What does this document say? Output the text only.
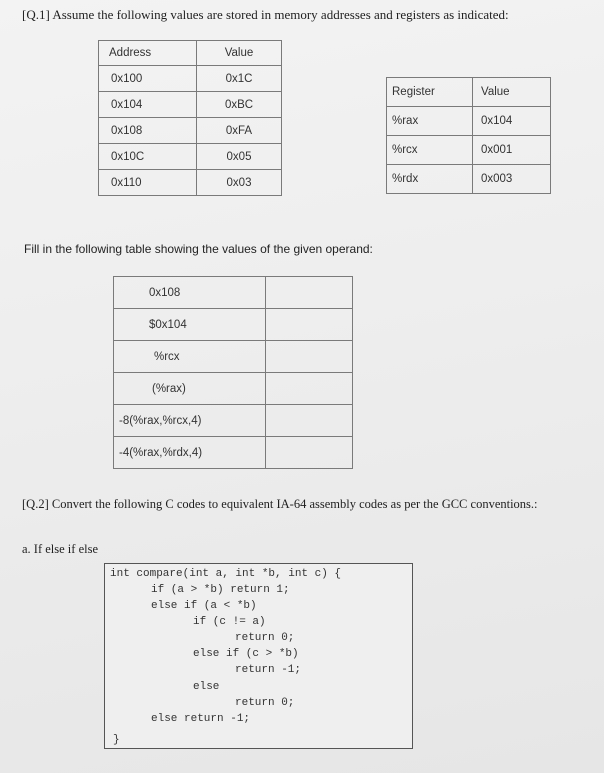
[Q.1] Assume the following values are stored in memory addresses and registers as indicated:
Address	Value
0x100	0x1C
0x104	0xBC
0x108	0xFA
0x10C	0x05
0x110	0x03
Register	Value
%rax	0x104
%rcx	0x001
%rdx	0x003
Fill in the following table showing the values of the given operand:
0x108	
$0x104	
%rcx	
(%rax)	
-8(%rax,%rcx,4)	
-4(%rax,%rdx,4)	
[Q.2] Convert the following C codes to equivalent IA-64 assembly codes as per the GCC conventions.:
a. If else if else

int compare(int a, int *b, int c) {

if (a > *b) return 1;

else if (a < *b)

if (c != a)

return 0;

else if (c > *b)

return -1;

else

return 0;

else return -1;

}
